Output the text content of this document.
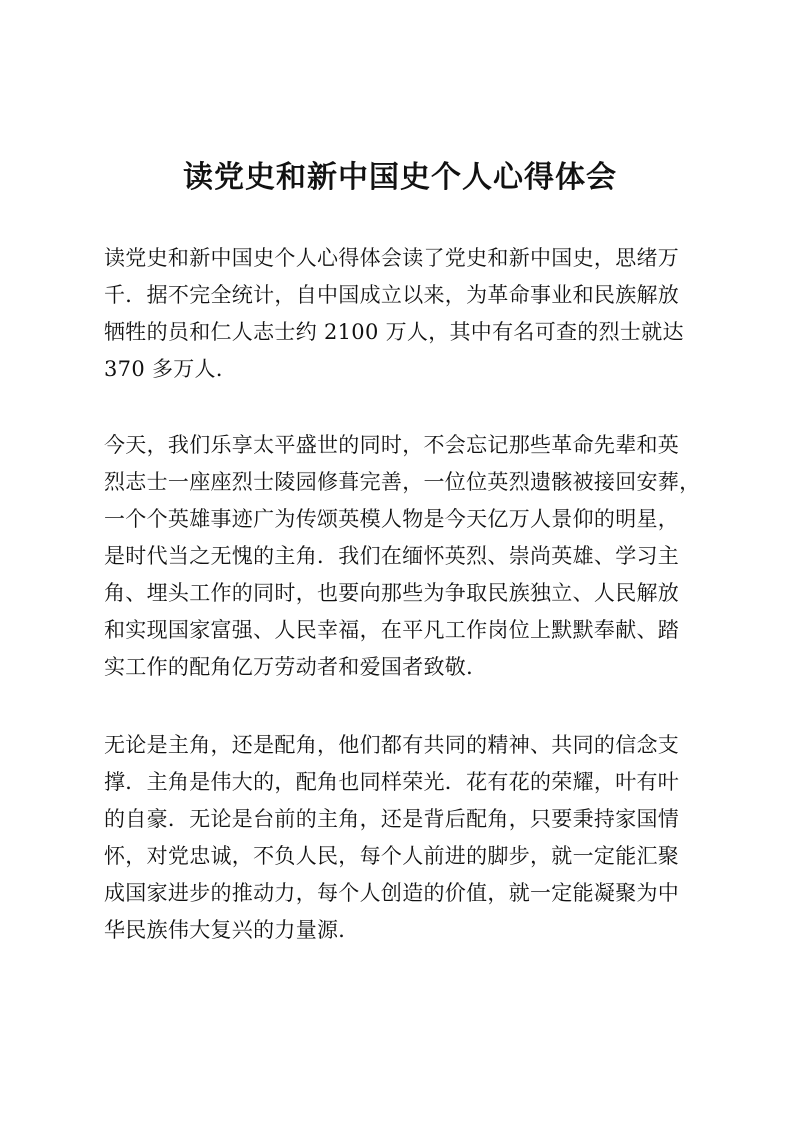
读党史和新中国史个人心得体会
读党史和新中国史个人心得体会读了党史和新中国史，思绪万
千．据不完全统计，自中国成立以来，为革命事业和民族解放
牺牲的员和仁人志士约 2100 万人，其中有名可查的烈士就达
370 多万人．
今天，我们乐享太平盛世的同时，不会忘记那些革命先辈和英
烈志士一座座烈士陵园修葺完善，一位位英烈遗骸被接回安葬，
一个个英雄事迹广为传颂英模人物是今天亿万人景仰的明星，
是时代当之无愧的主角．我们在缅怀英烈、崇尚英雄、学习主
角、埋头工作的同时，也要向那些为争取民族独立、人民解放
和实现国家富强、人民幸福，在平凡工作岗位上默默奉献、踏
实工作的配角亿万劳动者和爱国者致敬．
无论是主角，还是配角，他们都有共同的精神、共同的信念支
撑．主角是伟大的，配角也同样荣光．花有花的荣耀，叶有叶
的自豪．无论是台前的主角，还是背后配角，只要秉持家国情
怀，对党忠诚，不负人民，每个人前进的脚步，就一定能汇聚
成国家进步的推动力，每个人创造的价值，就一定能凝聚为中
华民族伟大复兴的力量源．
